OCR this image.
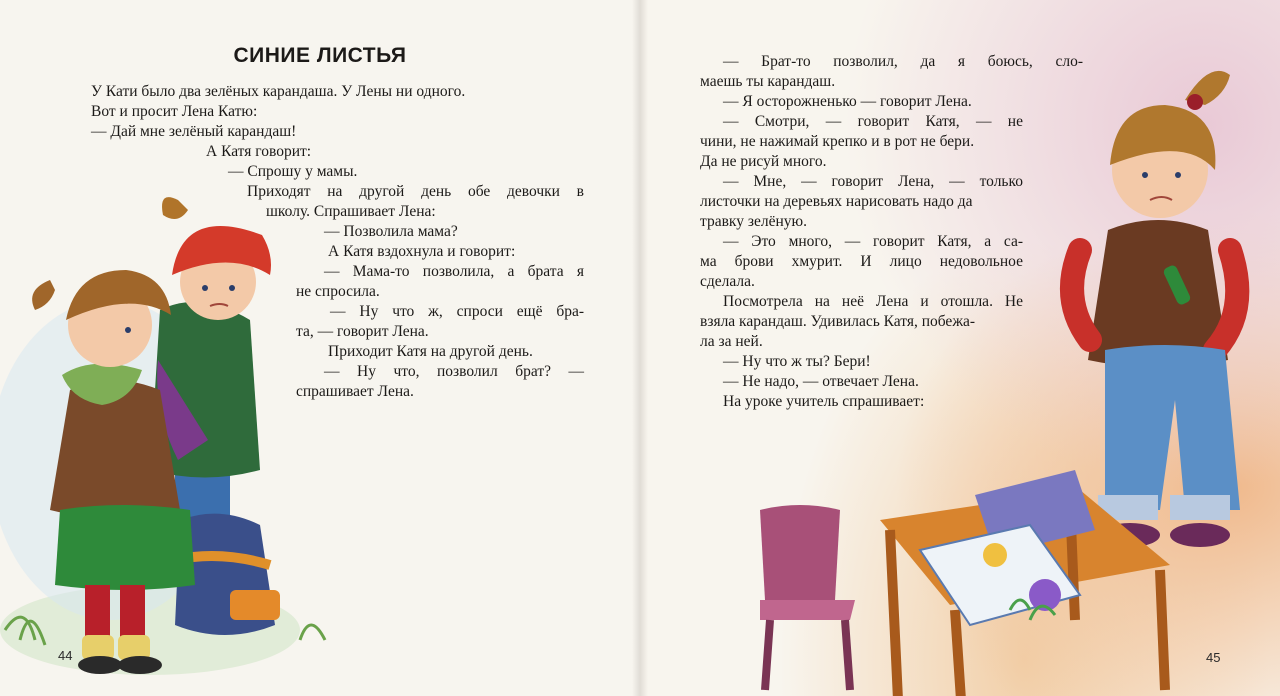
СИНИЕ ЛИСТЬЯ
У Кати было два зелёных карандаша. У Лены ни одного.
Вот и просит Лена Катю:
— Дай мне зелёный карандаш!
А Катя говорит:
— Спрошу у мамы.
Приходят на другой день обе девочки в
школу. Спрашивает Лена:
— Позволила мама?
А Катя вздохнула и говорит:
— Мама-то позволила, а брата я
не спросила.
— Ну что ж, спроси ещё бра-
та, — говорит Лена.
Приходит Катя на другой день.
— Ну что, позволил брат? —
спрашивает Лена.
44
— Брат-то позволил, да я боюсь, сло-
маешь ты карандаш.
— Я осторожненько — говорит Лена.
— Смотри, — говорит Катя, — не
чини, не нажимай крепко и в рот не бери.
Да не рисуй много.
— Мне, — говорит Лена, — только
листочки на деревьях нарисовать надо да
травку зелёную.
— Это много, — говорит Катя, а са-
ма брови хмурит. И лицо недовольное
сделала.
Посмотрела на неё Лена и отошла. Не
взяла карандаш. Удивилась Катя, побежа-
ла за ней.
— Ну что ж ты? Бери!
— Не надо, — отвечает Лена.
На уроке учитель спрашивает:
45
